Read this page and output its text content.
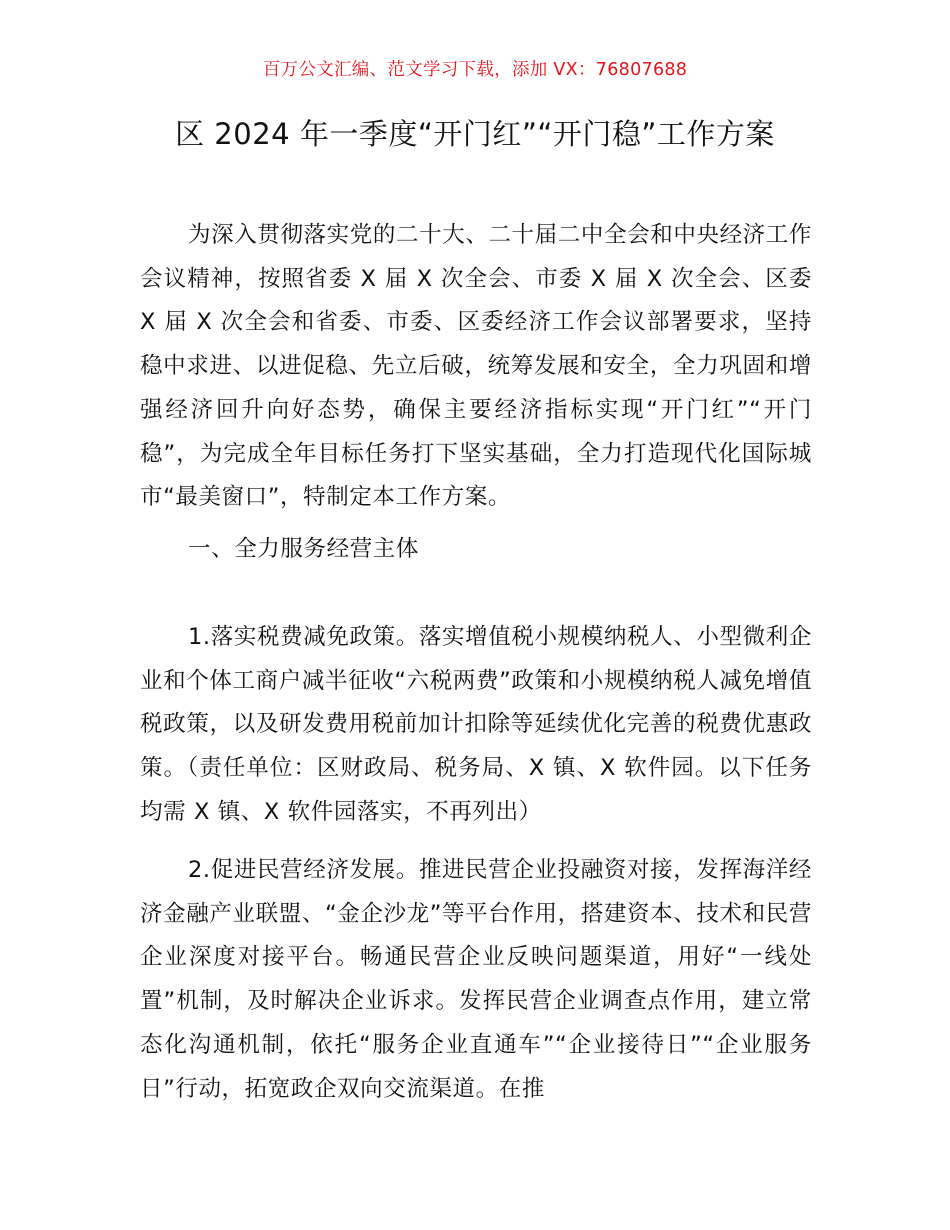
百万公文汇编、范文学习下载，添加 VX：76807688
区 2024 年一季度“开门红”“开门稳”工作方案

为深入贯彻落实党的二十大、二十届二中全会和中央经济工作会议精神，按照省委 X 届 X 次全会、市委 X 届 X 次全会、区委 X 届 X 次全会和省委、市委、区委经济工作会议部署要求，坚持稳中求进、以进促稳、先立后破，统筹发展和安全，全力巩固和增强经济回升向好态势，确保主要经济指标实现“开门红”“开门稳”，为完成全年目标任务打下坚实基础，全力打造现代化国际城市“最美窗口”，特制定本工作方案。

一、全力服务经营主体

1.落实税费减免政策。落实增值税小规模纳税人、小型微利企业和个体工商户减半征收“六税两费”政策和小规模纳税人减免增值税政策，以及研发费用税前加计扣除等延续优化完善的税费优惠政策。（责任单位：区财政局、税务局、X 镇、X 软件园。以下任务均需 X 镇、X 软件园落实，不再列出）

2.促进民营经济发展。推进民营企业投融资对接，发挥海洋经济金融产业联盟、“金企沙龙”等平台作用，搭建资本、技术和民营企业深度对接平台。畅通民营企业反映问题渠道，用好“一线处置”机制，及时解决企业诉求。发挥民营企业调查点作用，建立常态化沟通机制，依托“服务企业直通车”“企业接待日”“企业服务日”行动，拓宽政企双向交流渠道。在推
